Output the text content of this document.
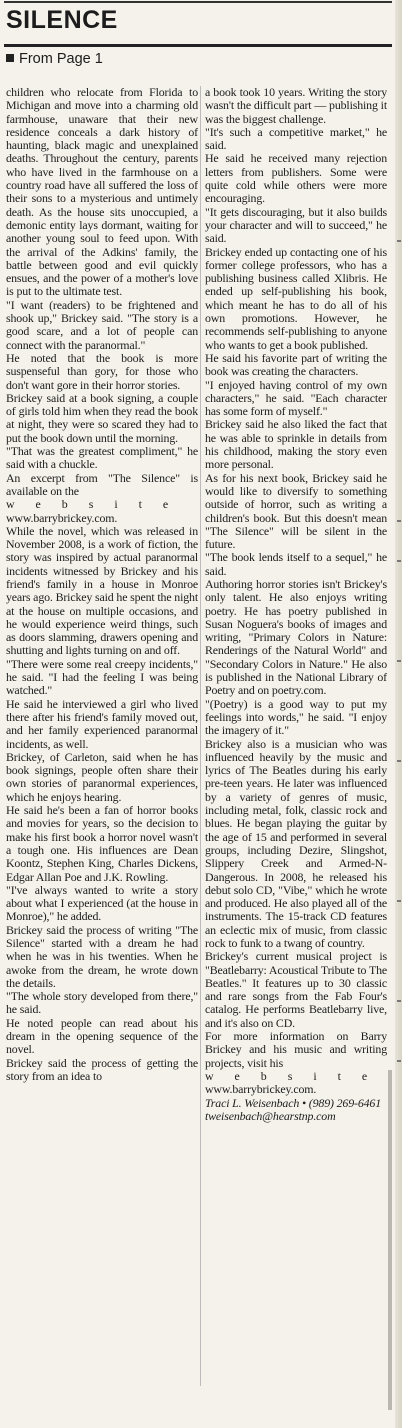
SILENCE
From Page 1

children who relocate from Florida to Michigan and move into a charming old farmhouse, unaware that their new residence conceals a dark history of haunting, black magic and unexplained deaths. Throughout the century, parents who have lived in the farmhouse on a country road have all suffered the loss of their sons to a mysterious and untimely death. As the house sits unoccupied, a demonic entity lays dormant, waiting for another young soul to feed upon. With the arrival of the Adkins' family, the battle between good and evil quickly ensues, and the power of a mother's love is put to the ultimate test.

"I want (readers) to be frightened and shook up," Brickey said. "The story is a good scare, and a lot of people can connect with the paranormal."

He noted that the book is more suspenseful than gory, for those who don't want gore in their horror stories.

Brickey said at a book signing, a couple of girls told him when they read the book at night, they were so scared they had to put the book down until the morning.

"That was the greatest compliment," he said with a chuckle.

An excerpt from "The Silence" is available on the

w e b s i t e

www.barrybrickey.com.

While the novel, which was released in November 2008, is a work of fiction, the story was inspired by actual paranormal incidents witnessed by Brickey and his friend's family in a house in Monroe years ago. Brickey said he spent the night at the house on multiple occasions, and he would experience weird things, such as doors slamming, drawers opening and shutting and lights turning on and off.

"There were some real creepy incidents," he said. "I had the feeling I was being watched."

He said he interviewed a girl who lived there after his friend's family moved out, and her family experienced paranormal incidents, as well.

Brickey, of Carleton, said when he has book signings, people often share their own stories of paranormal experiences, which he enjoys hearing.

He said he's been a fan of horror books and movies for years, so the decision to make his first book a horror novel wasn't a tough one. His influences are Dean Koontz, Stephen King, Charles Dickens, Edgar Allan Poe and J.K. Rowling.

"I've always wanted to write a story about what I experienced (at the house in Monroe)," he added.

Brickey said the process of writing "The Silence" started with a dream he had when he was in his twenties. When he awoke from the dream, he wrote down the details.

"The whole story developed from there," he said.

He noted people can read about his dream in the opening sequence of the novel.

Brickey said the process of getting the story from an idea to

a book took 10 years. Writing the story wasn't the difficult part — publishing it was the biggest challenge.

"It's such a competitive market," he said.

He said he received many rejection letters from publishers. Some were quite cold while others were more encouraging.

"It gets discouraging, but it also builds your character and will to succeed," he said.

Brickey ended up contacting one of his former college professors, who has a publishing business called Xlibris. He ended up self-publishing his book, which meant he has to do all of his own promotions. However, he recommends self-publishing to anyone who wants to get a book published.

He said his favorite part of writing the book was creating the characters.

"I enjoyed having control of my own characters," he said. "Each character has some form of myself."

Brickey said he also liked the fact that he was able to sprinkle in details from his childhood, making the story even more personal.

As for his next book, Brickey said he would like to diversify to something outside of horror, such as writing a children's book. But this doesn't mean "The Silence" will be silent in the future.

"The book lends itself to a sequel," he said.

Authoring horror stories isn't Brickey's only talent. He also enjoys writing poetry. He has poetry published in Susan Noguera's books of images and writing, "Primary Colors in Nature: Renderings of the Natural World" and "Secondary Colors in Nature." He also is published in the National Library of Poetry and on poetry.com.

"(Poetry) is a good way to put my feelings into words," he said. "I enjoy the imagery of it."

Brickey also is a musician who was influenced heavily by the music and lyrics of The Beatles during his early pre-teen years. He later was influenced by a variety of genres of music, including metal, folk, classic rock and blues. He began playing the guitar by the age of 15 and performed in several groups, including Dezire, Slingshot, Slippery Creek and Armed-N-Dangerous. In 2008, he released his debut solo CD, "Vibe," which he wrote and produced. He also played all of the instruments. The 15-track CD features an eclectic mix of music, from classic rock to funk to a twang of country.

Brickey's current musical project is "Beatlebarry: Acoustical Tribute to The Beatles." It features up to 30 classic and rare songs from the Fab Four's catalog. He performs Beatlebarry live, and it's also on CD.

For more information on Barry Brickey and his music and writing projects, visit his

w e b s i t e

www.barrybrickey.com.

Traci L. Weisenbach • (989) 269-6461

tweisenbach@hearstnp.com
